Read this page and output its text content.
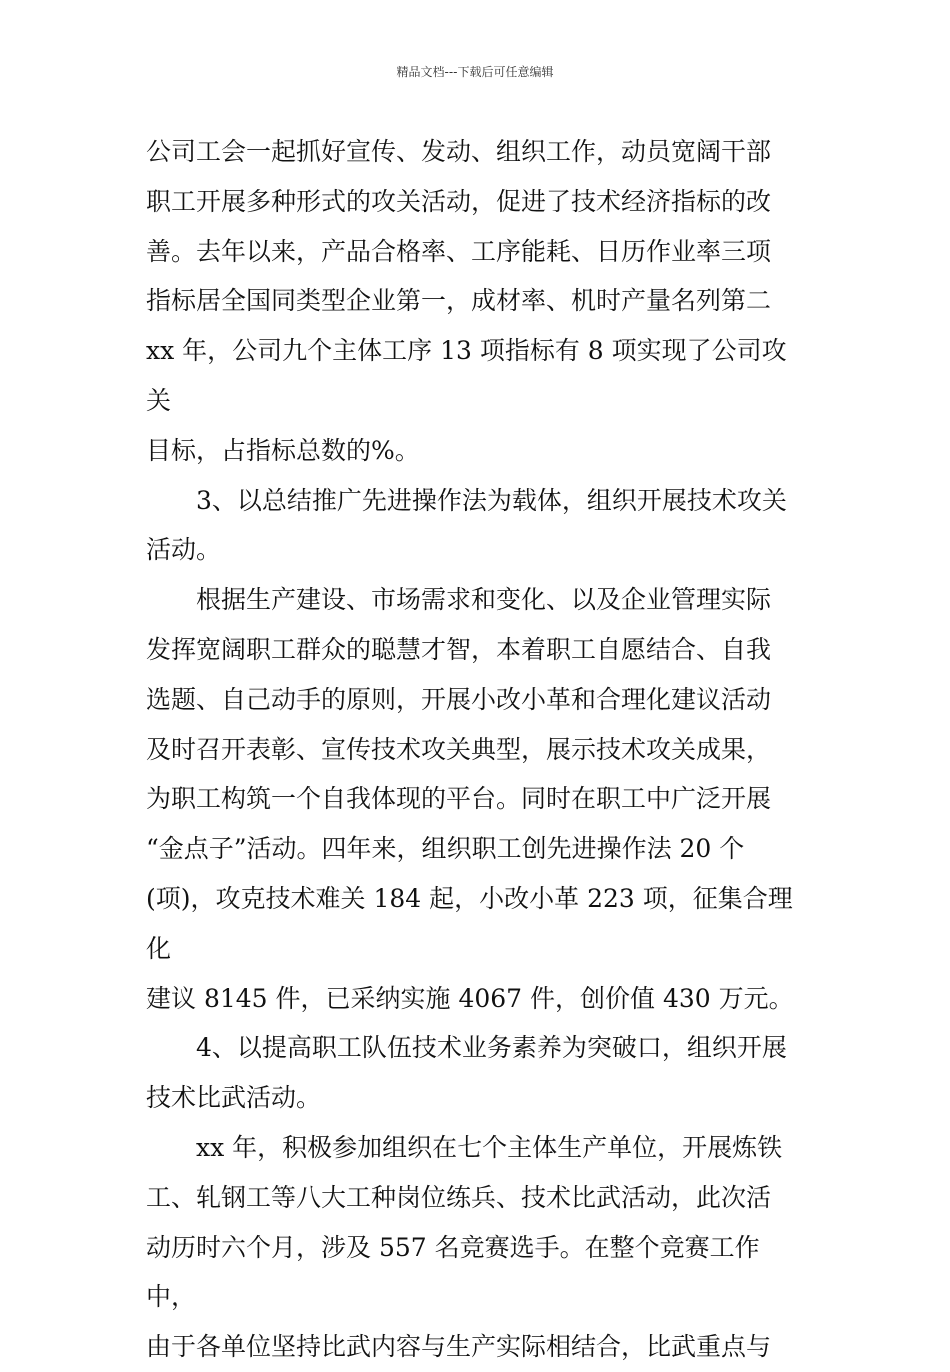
精品文档---下载后可任意编辑
公司工会一起抓好宣传、发动、组织工作，动员宽阔干部
职工开展多种形式的攻关活动，促进了技术经济指标的改
善。去年以来，产品合格率、工序能耗、日历作业率三项
指标居全国同类型企业第一，成材率、机时产量名列第二
xx 年，公司九个主体工序 13 项指标有 8 项实现了公司攻关
目标，占指标总数的%。
3、以总结推广先进操作法为载体，组织开展技术攻关
活动。
根据生产建设、市场需求和变化、以及企业管理实际
发挥宽阔职工群众的聪慧才智，本着职工自愿结合、自我
选题、自己动手的原则，开展小改小革和合理化建议活动
及时召开表彰、宣传技术攻关典型，展示技术攻关成果，
为职工构筑一个自我体现的平台。同时在职工中广泛开展
“金点子”活动。四年来，组织职工创先进操作法 20 个
(项)，攻克技术难关 184 起，小改小革 223 项，征集合理化
建议 8145 件，已采纳实施 4067 件，创价值 430 万元。
4、以提高职工队伍技术业务素养为突破口，组织开展
技术比武活动。
xx 年，积极参加组织在七个主体生产单位，开展炼铁
工、轧钢工等八大工种岗位练兵、技术比武活动，此次活
动历时六个月，涉及 557 名竞赛选手。在整个竞赛工作中，
由于各单位坚持比武内容与生产实际相结合，比武重点与
